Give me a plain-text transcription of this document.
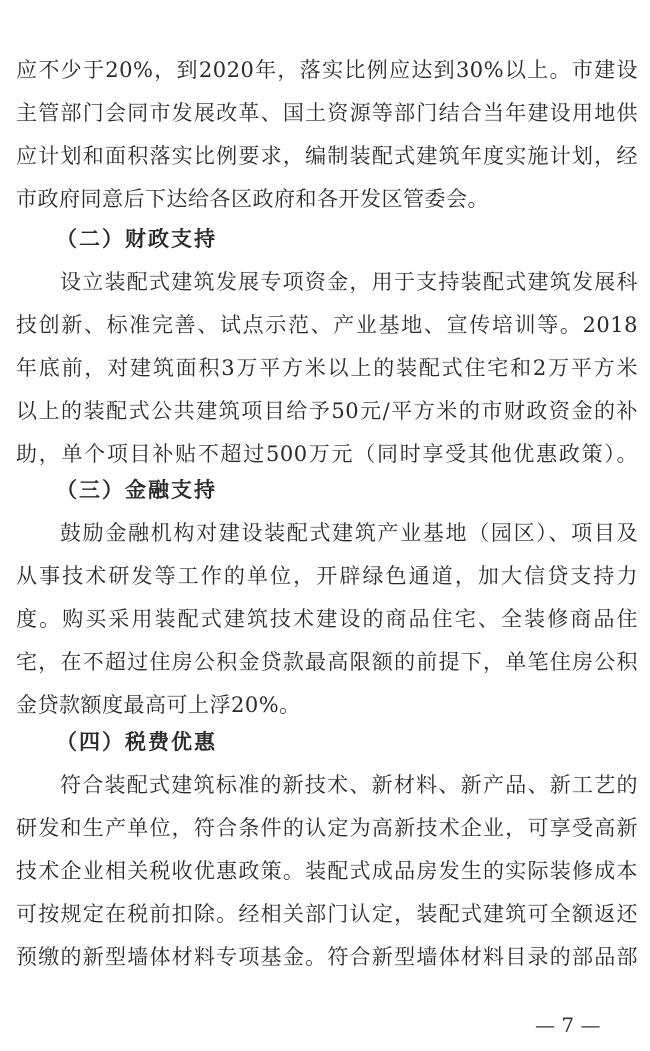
应不少于20%，到2020年，落实比例应达到30%以上。市建设
主管部门会同市发展改革、国土资源等部门结合当年建设用地供
应计划和面积落实比例要求，编制装配式建筑年度实施计划，经
市政府同意后下达给各区政府和各开发区管委会。
（二）财政支持
设立装配式建筑发展专项资金，用于支持装配式建筑发展科
技创新、标准完善、试点示范、产业基地、宣传培训等。2018
年底前，对建筑面积3万平方米以上的装配式住宅和2万平方米
以上的装配式公共建筑项目给予50元/平方米的市财政资金的补
助，单个项目补贴不超过500万元（同时享受其他优惠政策）。
（三）金融支持
鼓励金融机构对建设装配式建筑产业基地（园区）、项目及
从事技术研发等工作的单位，开辟绿色通道，加大信贷支持力
度。购买采用装配式建筑技术建设的商品住宅、全装修商品住
宅，在不超过住房公积金贷款最高限额的前提下，单笔住房公积
金贷款额度最高可上浮20%。
（四）税费优惠
符合装配式建筑标准的新技术、新材料、新产品、新工艺的
研发和生产单位，符合条件的认定为高新技术企业，可享受高新
技术企业相关税收优惠政策。装配式成品房发生的实际装修成本
可按规定在税前扣除。经相关部门认定，装配式建筑可全额返还
预缴的新型墙体材料专项基金。符合新型墙体材料目录的部品部
— 7 —
